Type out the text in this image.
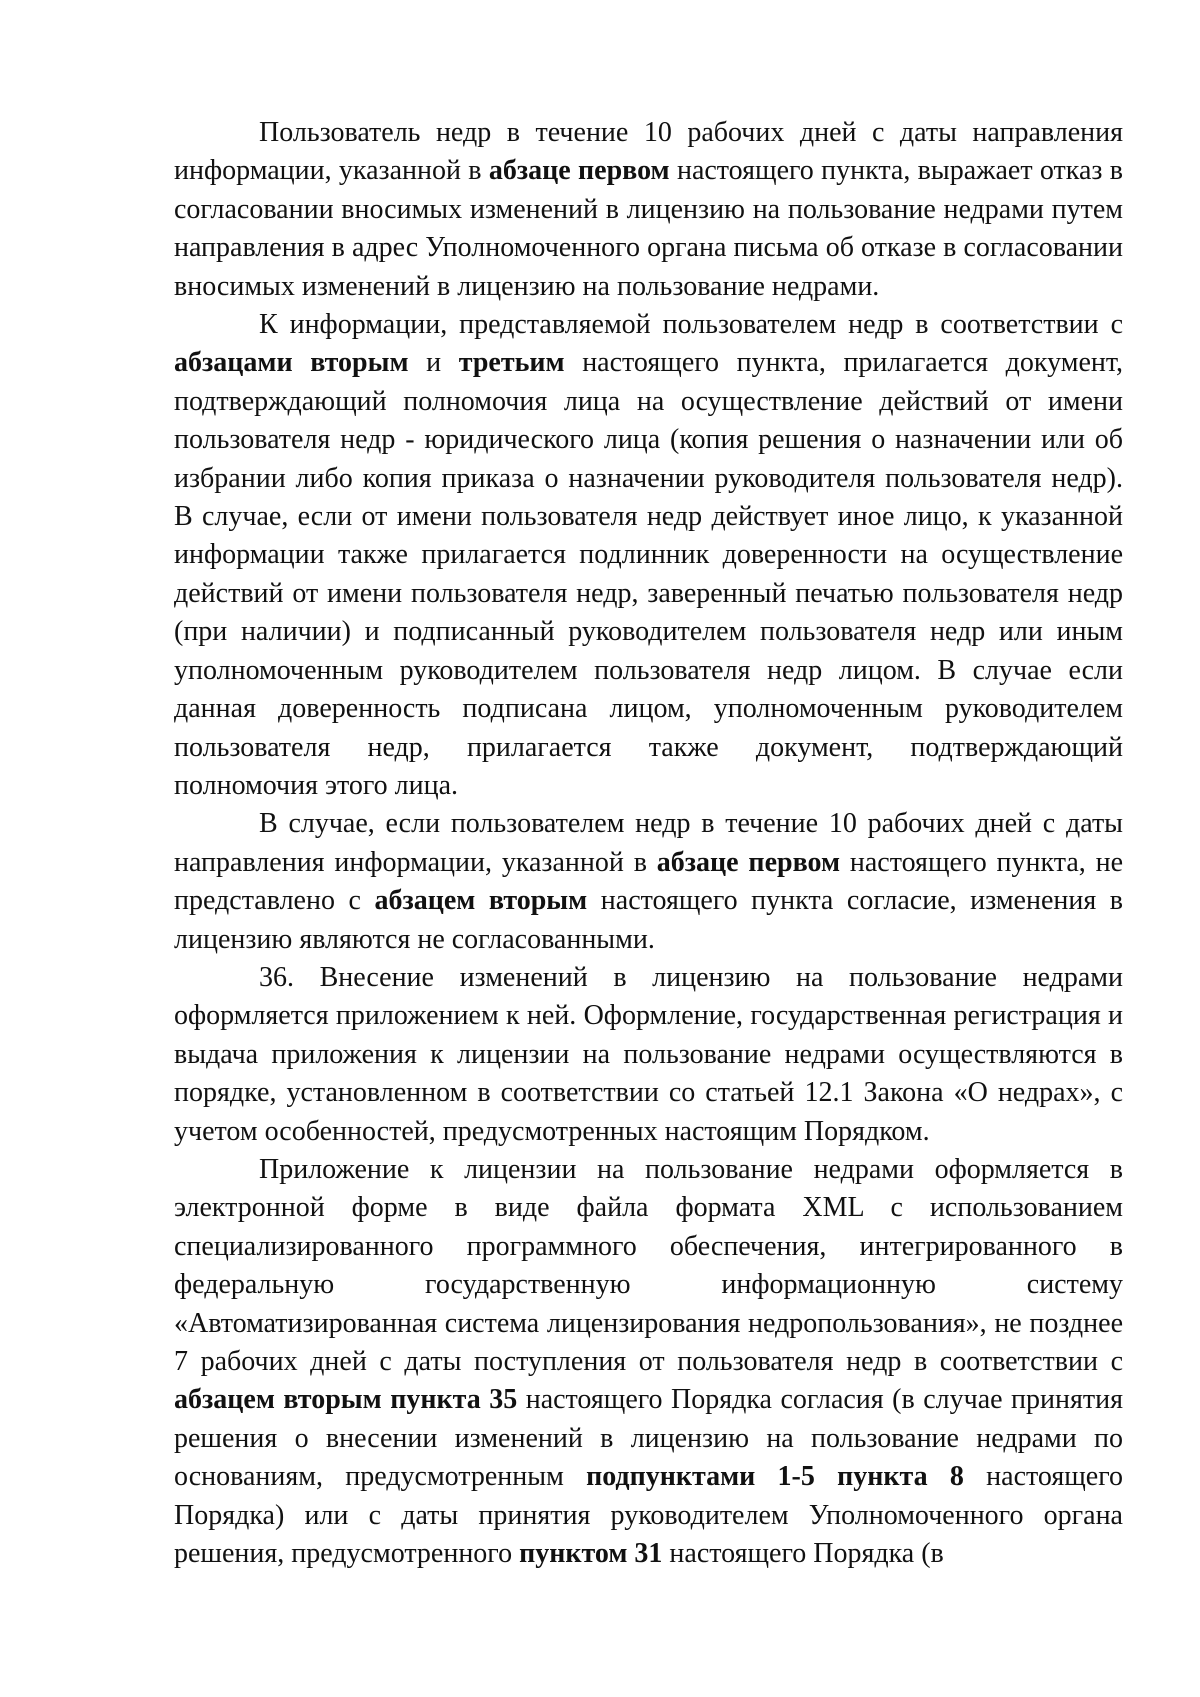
Пользователь недр в течение 10 рабочих дней с даты направления информации, указанной в абзаце первом настоящего пункта, выражает отказ в согласовании вносимых изменений в лицензию на пользование недрами путем направления в адрес Уполномоченного органа письма об отказе в согласовании вносимых изменений в лицензию на пользование недрами.

К информации, представляемой пользователем недр в соответствии с абзацами вторым и третьим настоящего пункта, прилагается документ, подтверждающий полномочия лица на осуществление действий от имени пользователя недр - юридического лица (копия решения о назначении или об избрании либо копия приказа о назначении руководителя пользователя недр). В случае, если от имени пользователя недр действует иное лицо, к указанной информации также прилагается подлинник доверенности на осуществление действий от имени пользователя недр, заверенный печатью пользователя недр (при наличии) и подписанный руководителем пользователя недр или иным уполномоченным руководителем пользователя недр лицом. В случае если данная доверенность подписана лицом, уполномоченным руководителем пользователя недр, прилагается также документ, подтверждающий полномочия этого лица.

В случае, если пользователем недр в течение 10 рабочих дней с даты направления информации, указанной в абзаце первом настоящего пункта, не представлено с абзацем вторым настоящего пункта согласие, изменения в лицензию являются не согласованными.

36. Внесение изменений в лицензию на пользование недрами оформляется приложением к ней. Оформление, государственная регистрация и выдача приложения к лицензии на пользование недрами осуществляются в порядке, установленном в соответствии со статьей 12.1 Закона «О недрах», с учетом особенностей, предусмотренных настоящим Порядком.

Приложение к лицензии на пользование недрами оформляется в электронной форме в виде файла формата XML с использованием специализированного программного обеспечения, интегрированного в федеральную государственную информационную систему «Автоматизированная система лицензирования недропользования», не позднее 7 рабочих дней с даты поступления от пользователя недр в соответствии с абзацем вторым пункта 35 настоящего Порядка согласия (в случае принятия решения о внесении изменений в лицензию на пользование недрами по основаниям, предусмотренным подпунктами 1-5 пункта 8 настоящего Порядка) или с даты принятия руководителем Уполномоченного органа решения, предусмотренного пунктом 31 настоящего Порядка (в
